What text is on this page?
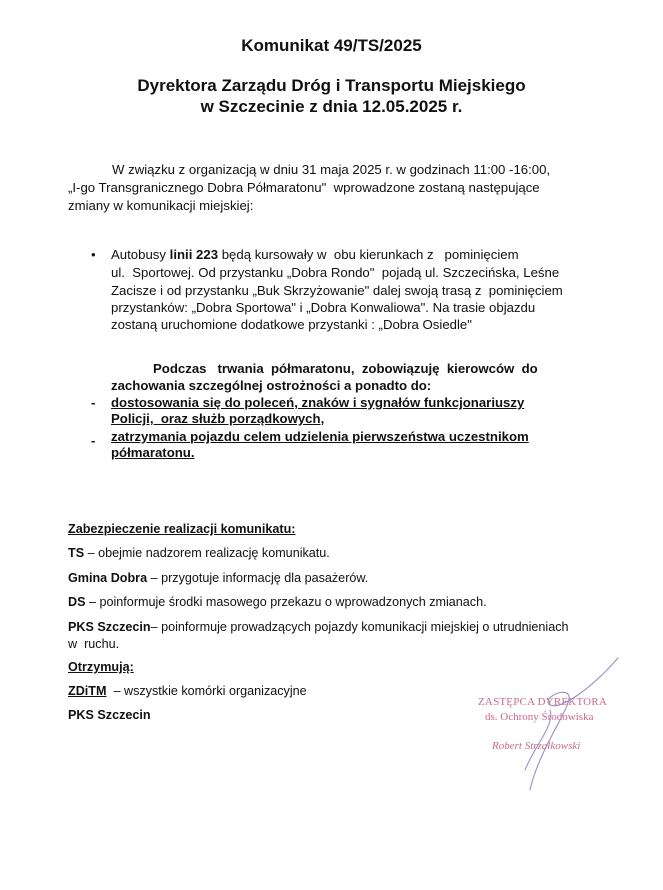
Komunikat 49/TS/2025
Dyrektora Zarządu Dróg i Transportu Miejskiego
w Szczecinie z dnia 12.05.2025 r.
W związku z organizacją w dniu 31 maja 2025 r. w godzinach 11:00 -16:00,
„I-go Transgranicznego Dobra Półmaratonu"  wprowadzone zostaną następujące
zmiany w komunikacji miejskiej:
• Autobusy linii 223 będą kursowały w  obu kierunkach z   pominięciem
ul.  Sportowej. Od przystanku „Dobra Rondo"  pojadą ul. Szczecińska, Leśne
Zacisze i od przystanku „Buk Skrzyżowanie" dalej swoją trasą z  pominięciem
przystanków: „Dobra Sportowa" i „Dobra Konwaliowa". Na trasie objazdu
zostaną uruchomione dodatkowe przystanki : „Dobra Osiedle"
Podczas   trwania  półmaratonu,  zobowiązuję  kierowców  do
zachowania szczególnej ostrożności a ponadto do:
- dostosowania się do poleceń, znaków i sygnałów funkcjonariuszy
Policji,  oraz służb porządkowych,
- zatrzymania pojazdu celem udzielenia pierwszeństwa uczestnikom
półmaratonu.
Zabezpieczenie realizacji komunikatu:
TS – obejmie nadzorem realizację komunikatu.
Gmina Dobra – przygotuje informację dla pasażerów.
DS – poinformuje środki masowego przekazu o wprowadzonych zmianach.
PKS Szczecin– poinformuje prowadzących pojazdy komunikacji miejskiej o utrudnieniach
w  ruchu.
Otrzymują:
ZDiTM  – wszystkie komórki organizacyjne
PKS Szczecin
ZASTĘPCA DYREKTORA
ds. Ochrony Środowiska
Robert Strzałkowski
